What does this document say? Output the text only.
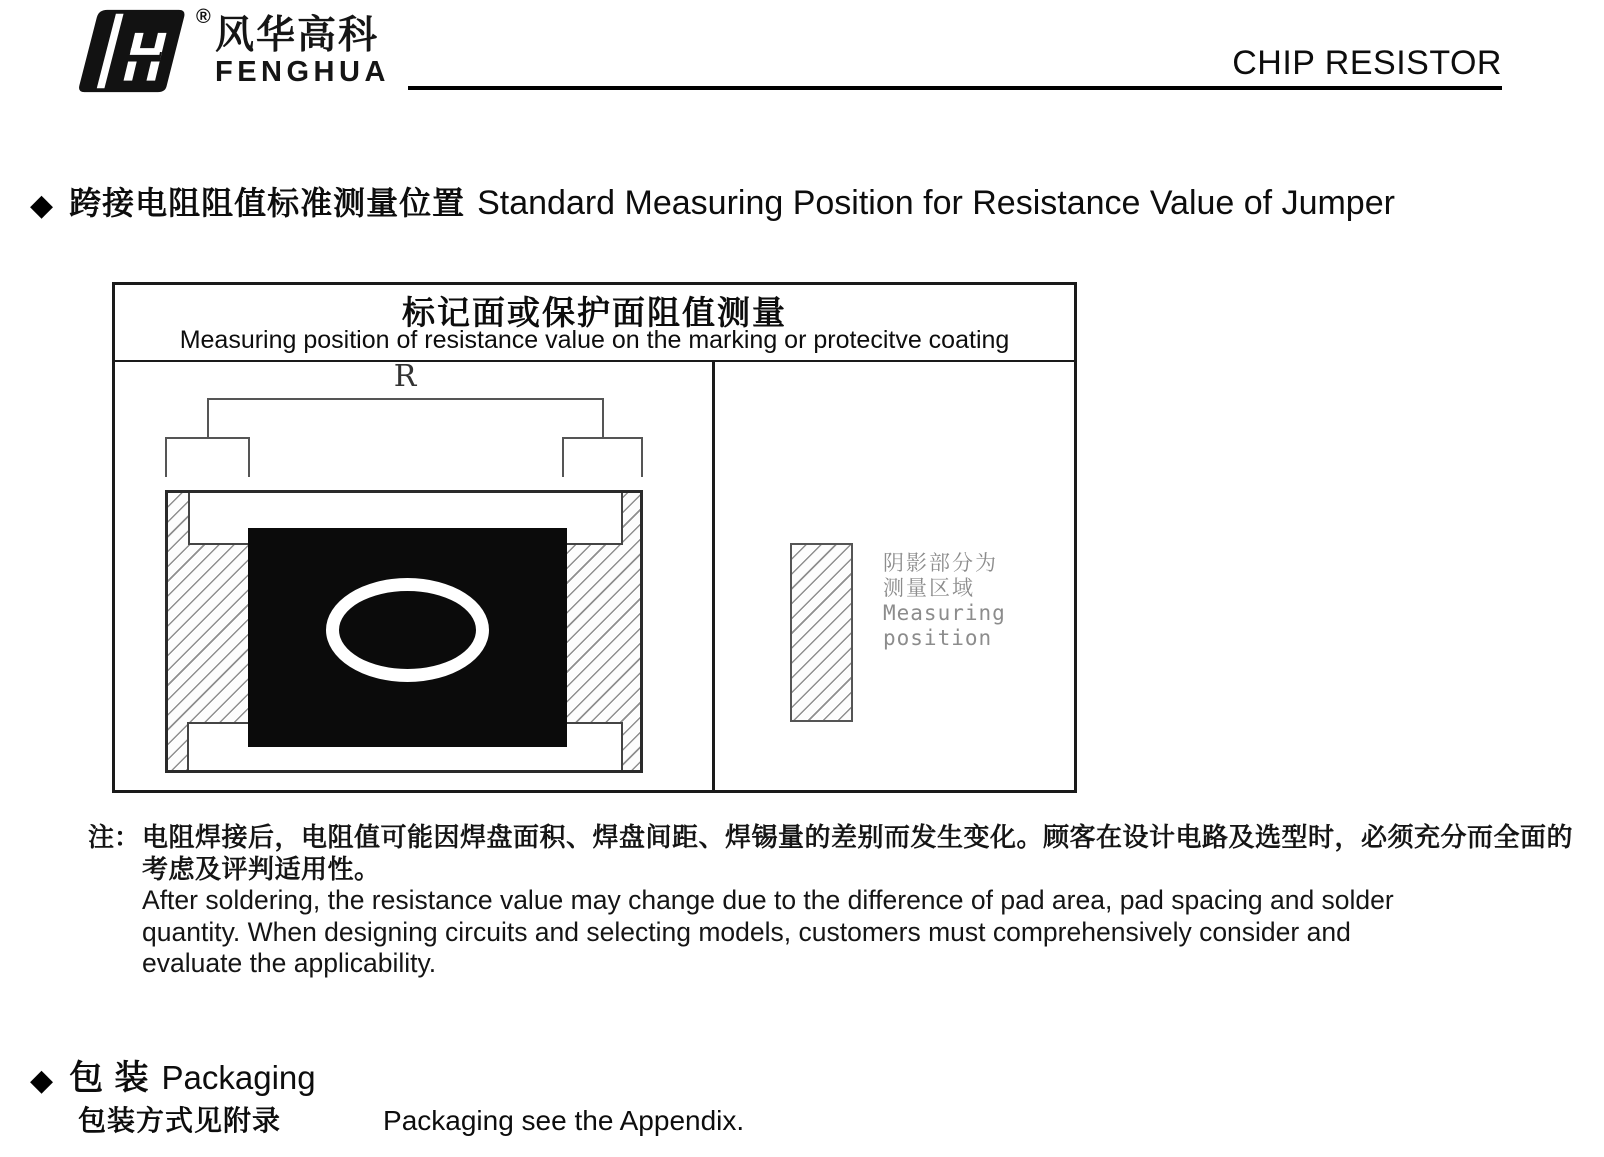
® 风华高科
FENGHUA	CHIP RESISTOR
◆ 跨接电阻阻值标准测量位置 Standard Measuring Position for Resistance Value of Jumper
标记面或保护面阻值测量
Measuring position of resistance value on the marking or protecitve coating
R
阴影部分为
测量区域
Measuring
position
注： 电阻焊接后，电阻值可能因焊盘面积、焊盘间距、焊锡量的差别而发生变化。顾客在设计电路及选型时，必须充分而全面的
考虑及评判适用性。
After soldering, the resistance value may change due to the difference of pad area, pad spacing and solder
quantity. When designing circuits and selecting models, customers must comprehensively consider and
evaluate the applicability.
◆ 包 装 Packaging
包装方式见附录	Packaging see the Appendix.
